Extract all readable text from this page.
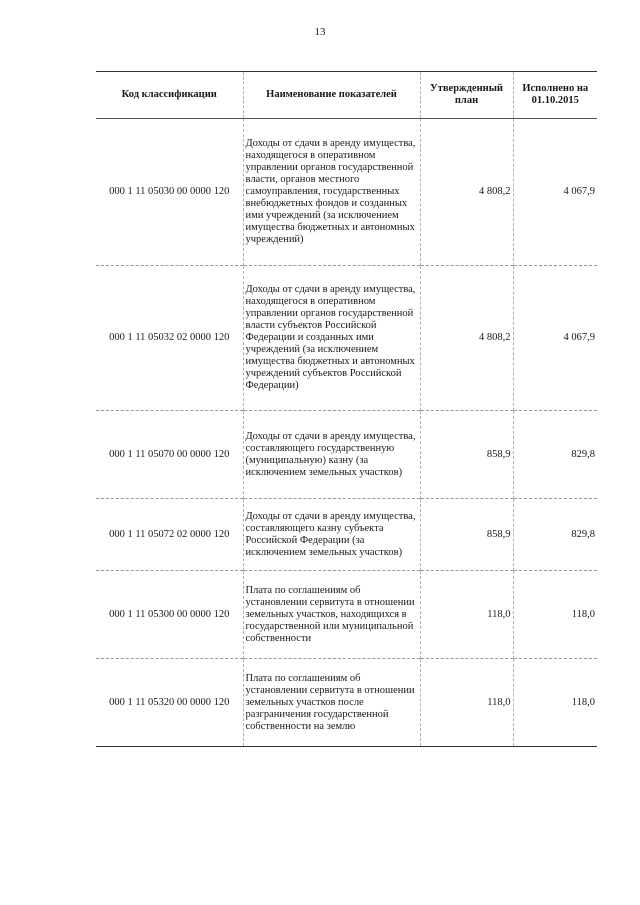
13
Код классификации	Наименование показателей	Утвержденный план	Исполнено на 01.10.2015
000 1 11 05030 00 0000 120	Доходы от сдачи в аренду имущества, находящегося в оперативном управлении органов государственной власти, органов местного самоуправления, государственных внебюджетных фондов и созданных ими учреждений (за исключением имущества бюджетных и автономных учреждений)	4 808,2	4 067,9
000 1 11 05032 02 0000 120	Доходы от сдачи в аренду имущества, находящегося в оперативном управлении органов государственной власти субъектов Российской Федерации и созданных ими учреждений (за исключением имущества бюджетных и автономных учреждений субъектов Российской Федерации)	4 808,2	4 067,9
000 1 11 05070 00 0000 120	Доходы от сдачи в аренду имущества, составляющего государственную (муниципальную) казну (за исключением земельных участков)	858,9	829,8
000 1 11 05072 02 0000 120	Доходы от сдачи в аренду имущества, составляющего казну субъекта Российской Федерации (за исключением земельных участков)	858,9	829,8
000 1 11 05300 00 0000 120	Плата по соглашениям об установлении сервитута в отношении земельных участков, находящихся в государственной или муниципальной собственности	118,0	118,0
000 1 11 05320 00 0000 120	Плата по соглашениям об установлении сервитута в отношении земельных участков после разграничения государственной собственности на землю	118,0	118,0
